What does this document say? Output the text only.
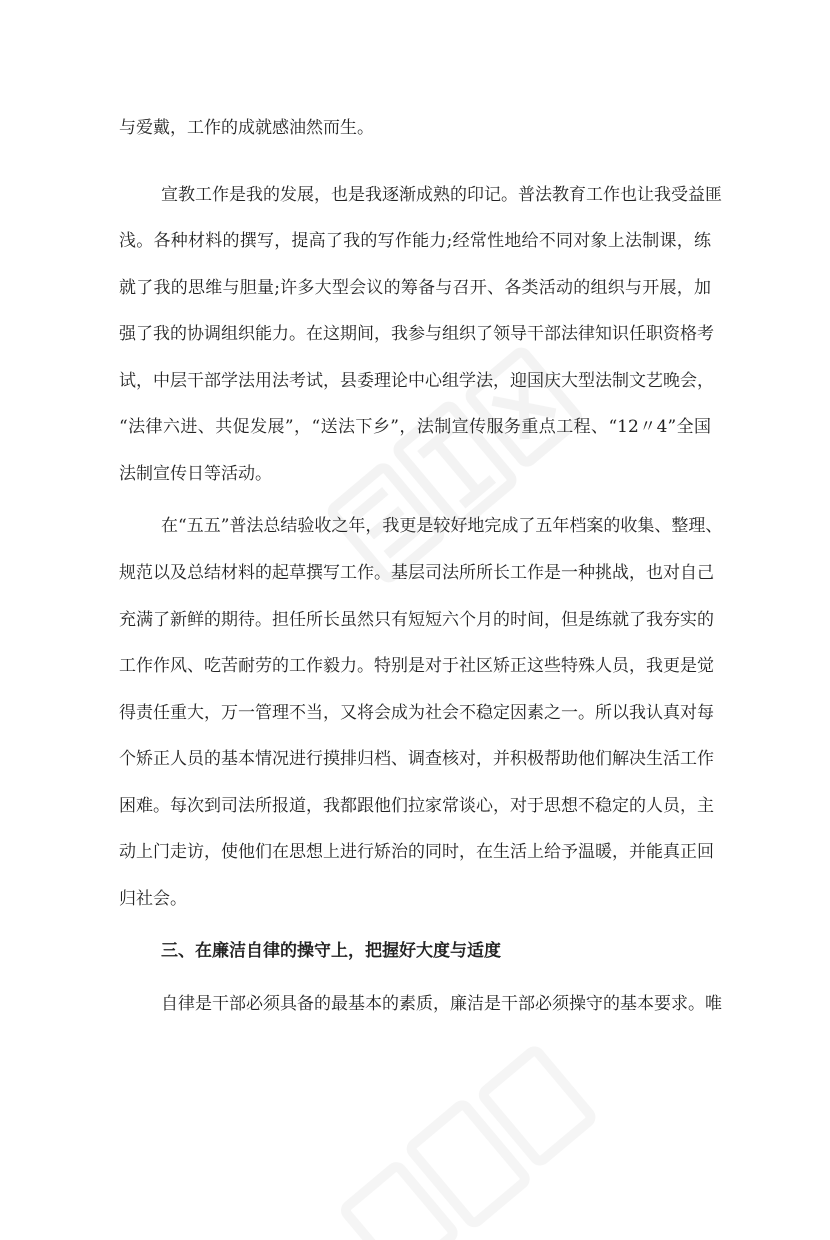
与爱戴，工作的成就感油然而生。
宣教工作是我的发展，也是我逐渐成熟的印记。普法教育工作也让我受益匪
浅。各种材料的撰写，提高了我的写作能力;经常性地给不同对象上法制课，练
就了我的思维与胆量;许多大型会议的筹备与召开、各类活动的组织与开展，加
强了我的协调组织能力。在这期间，我参与组织了领导干部法律知识任职资格考
试，中层干部学法用法考试，县委理论中心组学法，迎国庆大型法制文艺晚会，
“法律六进、共促发展”，“送法下乡”，法制宣传服务重点工程、“12〃4”全国
法制宣传日等活动。
在“五五”普法总结验收之年，我更是较好地完成了五年档案的收集、整理、
规范以及总结材料的起草撰写工作。基层司法所所长工作是一种挑战，也对自己
充满了新鲜的期待。担任所长虽然只有短短六个月的时间，但是练就了我夯实的
工作作风、吃苦耐劳的工作毅力。特别是对于社区矫正这些特殊人员，我更是觉
得责任重大，万一管理不当，又将会成为社会不稳定因素之一。所以我认真对每
个矫正人员的基本情况进行摸排归档、调查核对，并积极帮助他们解决生活工作
困难。每次到司法所报道，我都跟他们拉家常谈心，对于思想不稳定的人员，主
动上门走访，使他们在思想上进行矫治的同时，在生活上给予温暖，并能真正回
归社会。
三、在廉洁自律的操守上，把握好大度与适度
自律是干部必须具备的最基本的素质，廉洁是干部必须操守的基本要求。唯
